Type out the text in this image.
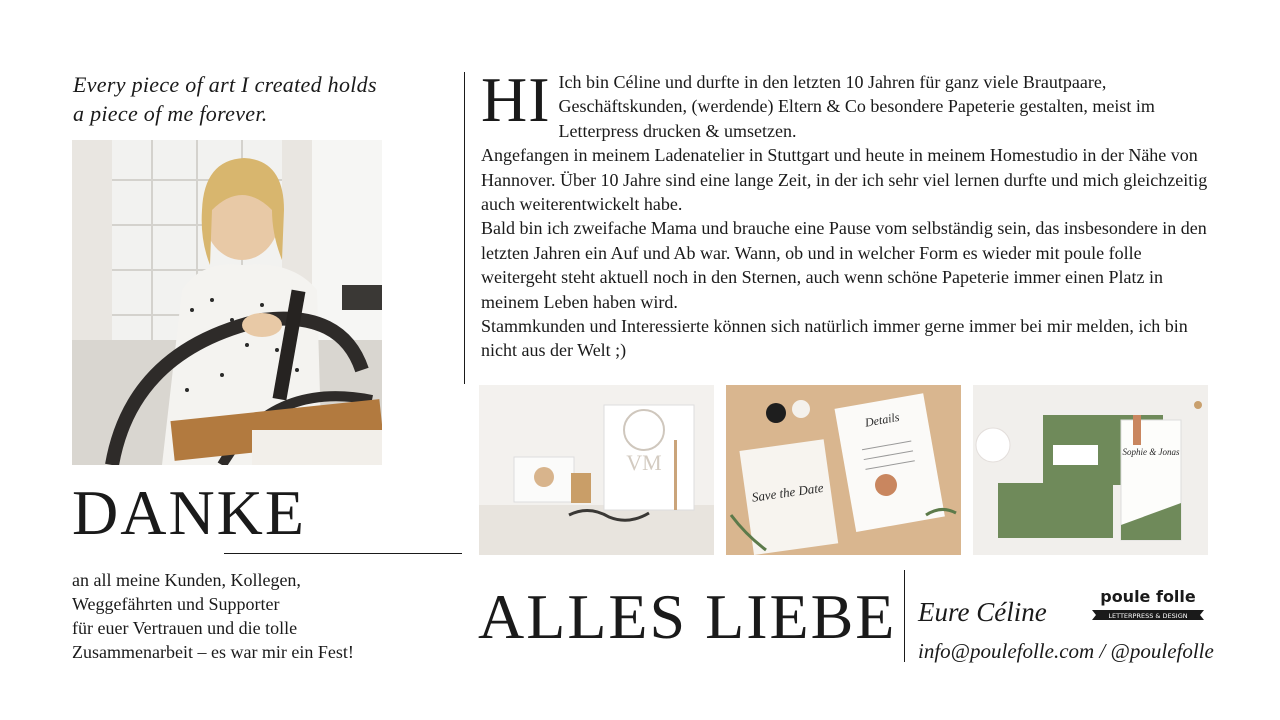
Every piece of art I created holds
a piece of me forever.
DANKE
an all meine Kunden, Kollegen,
Weggefährten und Supporter
für euer Vertrauen und die tolle
Zusammenarbeit – es war mir ein Fest!
HI Ich bin Céline und durfte in den letzten 10 Jahren für ganz viele Brautpaare, Geschäftskunden, (werdende) Eltern & Co besondere Papeterie gestalten, meist im Letterpress drucken & umsetzen.

Angefangen in meinem Ladenatelier in Stuttgart und heute in meinem Homestudio in der Nähe von Hannover. Über 10 Jahre sind eine lange Zeit, in der ich sehr viel lernen durfte und mich gleichzeitig auch weiterentwickelt habe.

Bald bin ich zweifache Mama und brauche eine Pause vom selbständig sein, das insbesondere in den letzten Jahren ein Auf und Ab war. Wann, ob und in welcher Form es wieder mit poule folle weitergeht steht aktuell noch in den Sternen, auch wenn schöne Papeterie immer einen Platz in meinem Leben haben wird.

Stammkunden und Interessierte können sich natürlich immer gerne immer bei mir melden, ich bin nicht aus der Welt ;)

VM
Save the Date
Details
Sophie & Jonas
ALLES LIEBE Eure Céline
info@poulefolle.com / @poulefolle
poule folle
LETTERPRESS & DESIGN
